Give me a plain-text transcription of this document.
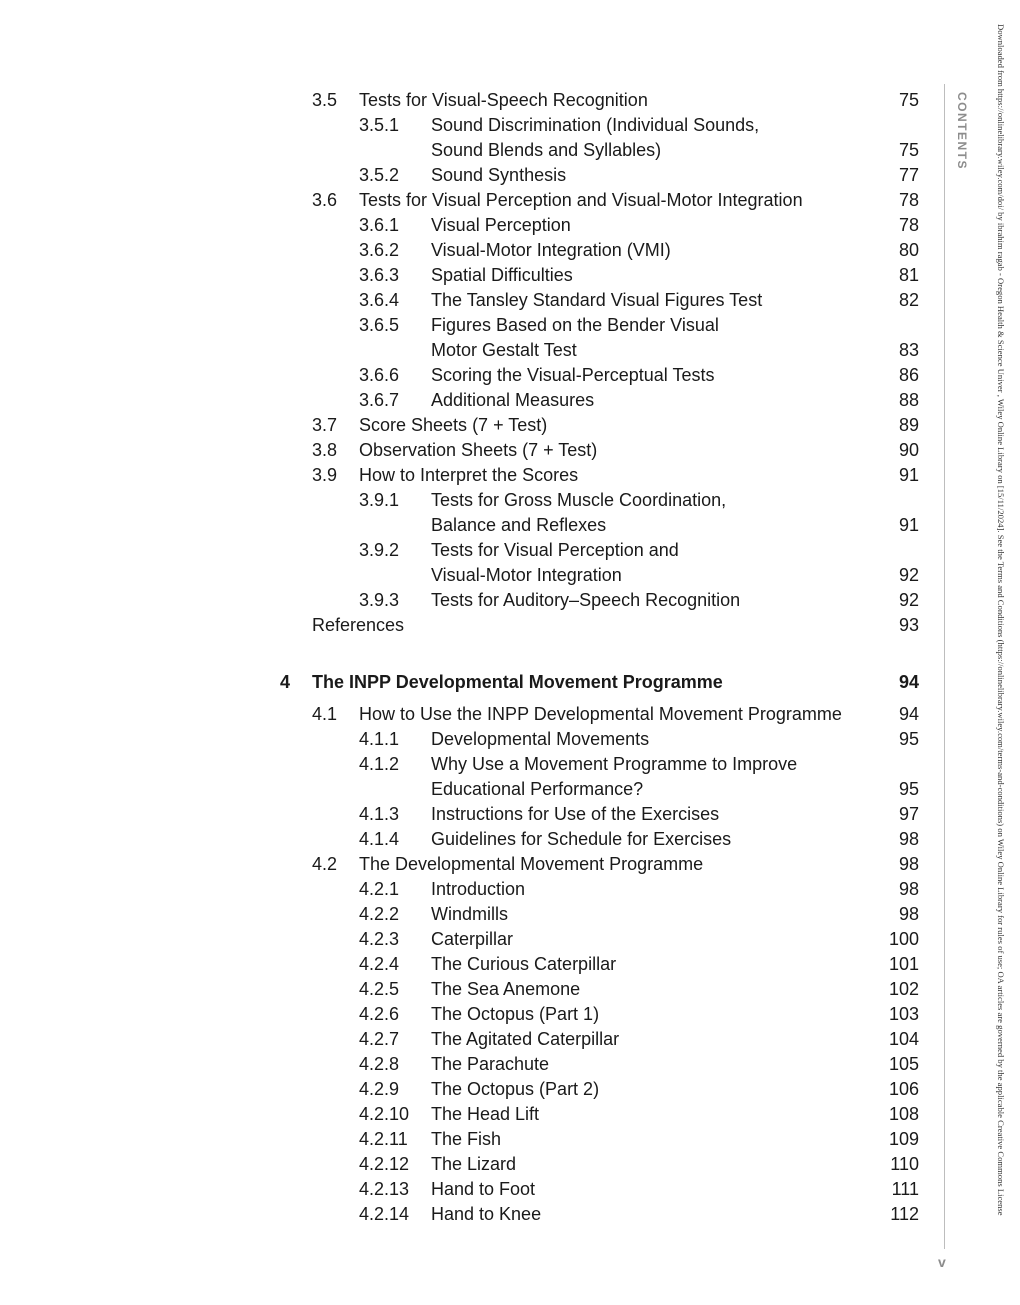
3.5 Tests for Visual-Speech Recognition	75
3.5.1 Sound Discrimination (Individual Sounds,
Sound Blends and Syllables)	75
3.5.2 Sound Synthesis	77
3.6 Tests for Visual Perception and Visual-Motor Integration	78
3.6.1 Visual Perception	78
3.6.2 Visual-Motor Integration (VMI)	80
3.6.3 Spatial Difficulties	81
3.6.4 The Tansley Standard Visual Figures Test	82
3.6.5 Figures Based on the Bender Visual
Motor Gestalt Test	83
3.6.6 Scoring the Visual-Perceptual Tests	86
3.6.7 Additional Measures	88
3.7 Score Sheets (7 + Test)	89
3.8 Observation Sheets (7 + Test)	90
3.9 How to Interpret the Scores	91
3.9.1 Tests for Gross Muscle Coordination,
Balance and Reflexes	91
3.9.2 Tests for Visual Perception and
Visual-Motor Integration	92
3.9.3 Tests for Auditory–Speech Recognition	92
References	93
4 The INPP Developmental Movement Programme	94
4.1 How to Use the INPP Developmental Movement Programme	94
4.1.1 Developmental Movements	95
4.1.2 Why Use a Movement Programme to Improve
Educational Performance?	95
4.1.3 Instructions for Use of the Exercises	97
4.1.4 Guidelines for Schedule for Exercises	98
4.2 The Developmental Movement Programme	98
4.2.1 Introduction	98
4.2.2 Windmills	98
4.2.3 Caterpillar	100
4.2.4 The Curious Caterpillar	101
4.2.5 The Sea Anemone	102
4.2.6 The Octopus (Part 1)	103
4.2.7 The Agitated Caterpillar	104
4.2.8 The Parachute	105
4.2.9 The Octopus (Part 2)	106
4.2.10 The Head Lift	108
4.2.11 The Fish	109
4.2.12 The Lizard	110
4.2.13 Hand to Foot	111
4.2.14 Hand to Knee	112
CONTENTS
v
Downloaded from https://onlinelibrary.wiley.com/doi/ by ibrahim ragab - Oregon Health & Science Univer , Wiley Online Library on [15/11/2024]. See the Terms and Conditions (https://onlinelibrary.wiley.com/terms-and-conditions) on Wiley Online Library for rules of use; OA articles are governed by the applicable Creative Commons License
